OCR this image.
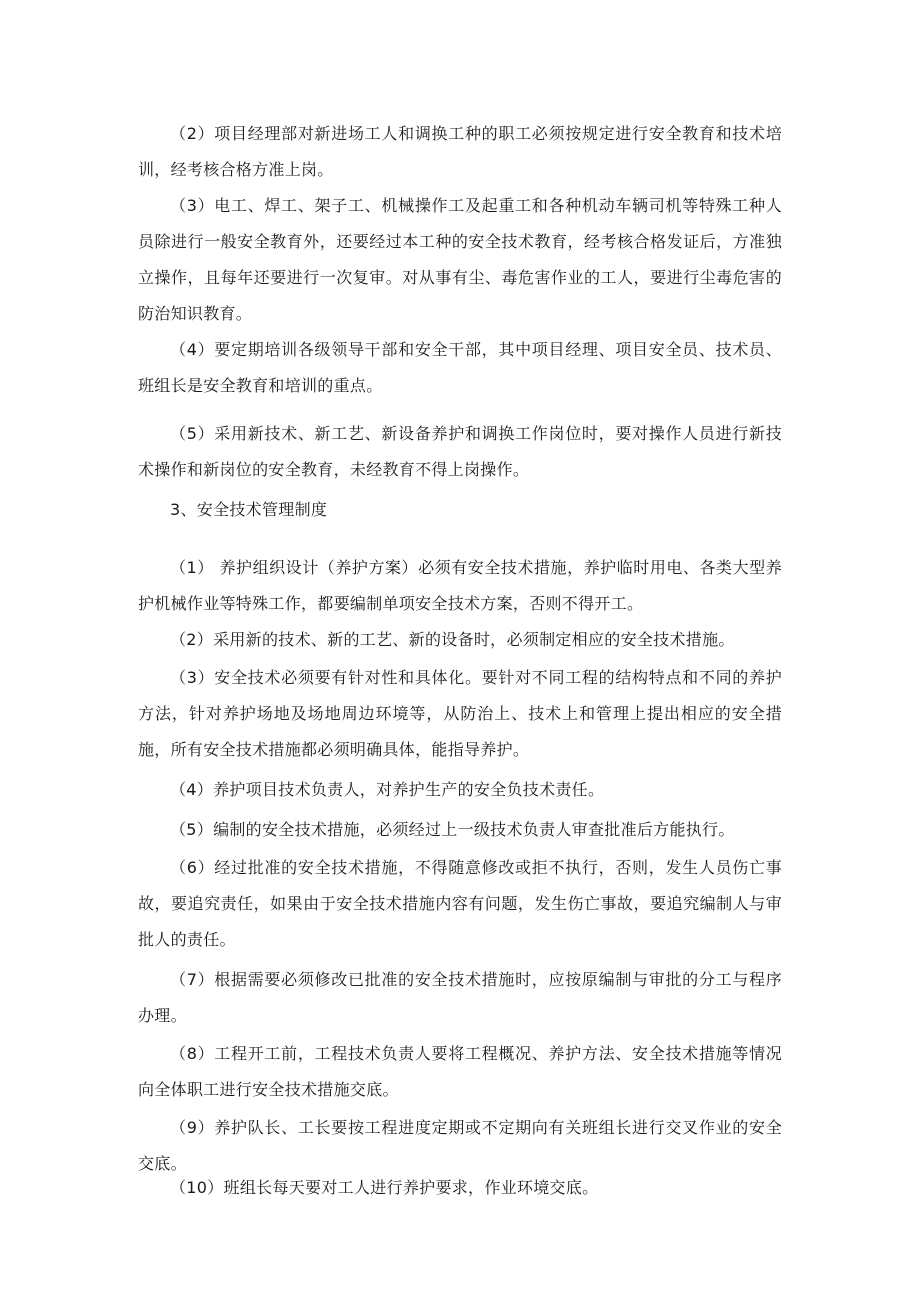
（2）项目经理部对新进场工人和调换工种的职工必须按规定进行安全教育和技术培训，经考核合格方准上岗。

（3）电工、焊工、架子工、机械操作工及起重工和各种机动车辆司机等特殊工种人员除进行一般安全教育外，还要经过本工种的安全技术教育，经考核合格发证后，方准独立操作，且每年还要进行一次复审。对从事有尘、毒危害作业的工人，要进行尘毒危害的防治知识教育。

（4）要定期培训各级领导干部和安全干部，其中项目经理、项目安全员、技术员、班组长是安全教育和培训的重点。

（5）采用新技术、新工艺、新设备养护和调换工作岗位时，要对操作人员进行新技术操作和新岗位的安全教育，未经教育不得上岗操作。

3、安全技术管理制度

（1） 养护组织设计（养护方案）必须有安全技术措施，养护临时用电、各类大型养护机械作业等特殊工作，都要编制单项安全技术方案，否则不得开工。

（2）采用新的技术、新的工艺、新的设备时，必须制定相应的安全技术措施。

（3）安全技术必须要有针对性和具体化。要针对不同工程的结构特点和不同的养护方法，针对养护场地及场地周边环境等，从防治上、技术上和管理上提出相应的安全措施，所有安全技术措施都必须明确具体，能指导养护。

（4）养护项目技术负责人，对养护生产的安全负技术责任。

（5）编制的安全技术措施，必须经过上一级技术负责人审查批准后方能执行。

（6）经过批准的安全技术措施，不得随意修改或拒不执行，否则，发生人员伤亡事故，要追究责任，如果由于安全技术措施内容有问题，发生伤亡事故，要追究编制人与审批人的责任。

（7）根据需要必须修改已批准的安全技术措施时，应按原编制与审批的分工与程序办理。

（8）工程开工前，工程技术负责人要将工程概况、养护方法、安全技术措施等情况向全体职工进行安全技术措施交底。

（9）养护队长、工长要按工程进度定期或不定期向有关班组长进行交叉作业的安全交底。

（10）班组长每天要对工人进行养护要求，作业环境交底。
